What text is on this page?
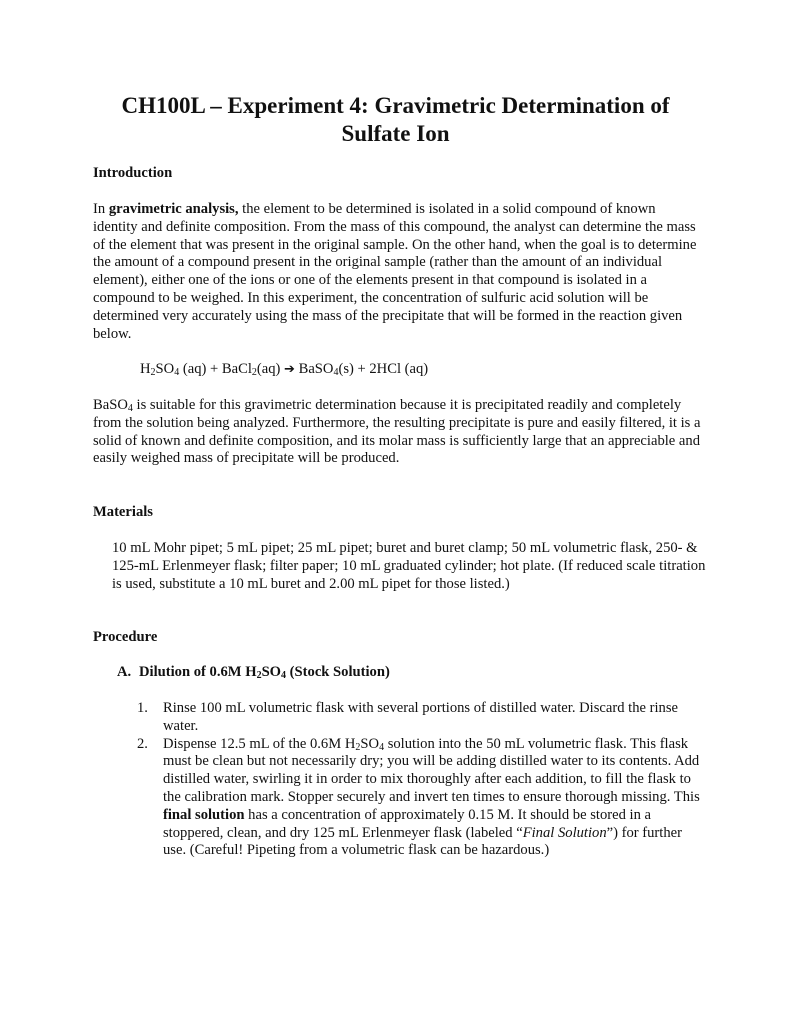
CH100L – Experiment 4: Gravimetric Determination of
Sulfate Ion

Introduction

In gravimetric analysis, the element to be determined is isolated in a solid compound of known identity and definite composition. From the mass of this compound, the analyst can determine the mass of the element that was present in the original sample. On the other hand, when the goal is to determine the amount of a compound present in the original sample (rather than the amount of an individual element), either one of the ions or one of the elements present in that compound is isolated in a compound to be weighed. In this experiment, the concentration of sulfuric acid solution will be determined very accurately using the mass of the precipitate that will be formed in the reaction given below.

$H_2SO_4$ (aq) + BaCl$_2$(aq) ➔ BaSO$_4$(s) + 2HCl (aq)

BaSO$_4$ is suitable for this gravimetric determination because it is precipitated readily and completely from the solution being analyzed. Furthermore, the resulting precipitate is pure and easily filtered, it is a solid of known and definite composition, and its molar mass is sufficiently large that an appreciable and easily weighed mass of precipitate will be produced.

Materials

10 mL Mohr pipet; 5 mL pipet; 25 mL pipet; buret and buret clamp; 50 mL volumetric flask, 250- & 125-mL Erlenmeyer flask; filter paper; 10 mL graduated cylinder; hot plate. (If reduced scale titration is used, substitute a 10 mL buret and 2.00 mL pipet for those listed.)

Procedure

A. Dilution of 0.6M $H_2SO_4$ (Stock Solution)

1. Rinse 100 mL volumetric flask with several portions of distilled water. Discard the rinse water.
2. Dispense 12.5 mL of the 0.6M $H_2SO_4$ solution into the 50 mL volumetric flask. This flask must be clean but not necessarily dry; you will be adding distilled water to its contents. Add distilled water, swirling it in order to mix thoroughly after each addition, to fill the flask to the calibration mark. Stopper securely and invert ten times to ensure thorough missing. This final solution has a concentration of approximately 0.15 M. It should be stored in a stoppered, clean, and dry 125 mL Erlenmeyer flask (labeled “Final Solution”) for further use. (Careful! Pipeting from a volumetric flask can be hazardous.)
